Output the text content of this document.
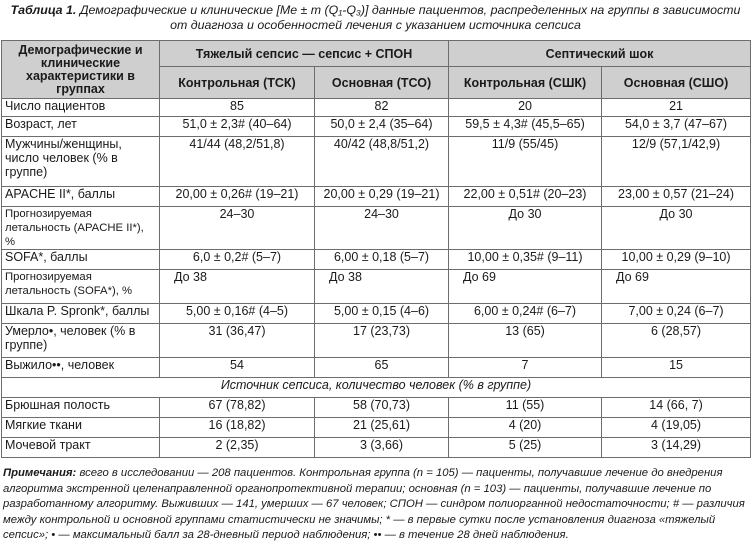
Таблица 1. Демографические и клинические [Me ± m (Q₁-Q₃)] данные пациентов, распределенных на группы в зависимости от диагноза и особенностей лечения с указанием источника сепсиса
Демографические и клинические характеристики в группах	Тяжелый сепсис — сепсис + СПОН		Септический шок	
	Контрольная (ТСК)	Основная (ТСО)	Контрольная (СШК)	Основная (СШО)
Число пациентов	85	82	20	21
Возраст, лет	51,0 ± 2,3# (40–64)	50,0 ± 2,4 (35–64)	59,5 ± 4,3# (45,5–65)	54,0 ± 3,7 (47–67)
Мужчины/женщины, число человек (% в группе)	41/44 (48,2/51,8)	40/42 (48,8/51,2)	11/9 (55/45)	12/9 (57,1/42,9)
APACHE II*, баллы	20,00 ± 0,26# (19–21)	20,00 ± 0,29 (19–21)	22,00 ± 0,51# (20–23)	23,00 ± 0,57 (21–24)
Прогнозируемая летальность (APACHE II*), %	24–30	24–30	До 30	До 30
SOFA*, баллы	6,0 ± 0,2# (5–7)	6,00 ± 0,18 (5–7)	10,00 ± 0,35# (9–11)	10,00 ± 0,29 (9–10)
Прогнозируемая летальность (SOFA*), %	До 38	До 38	До 69	До 69
Шкала P. Spronk*, баллы	5,00 ± 0,16# (4–5)	5,00 ± 0,15 (4–6)	6,00 ± 0,24# (6–7)	7,00 ± 0,24 (6–7)
Умерло•, человек (% в группе)	31 (36,47)	17 (23,73)	13 (65)	6 (28,57)
Выжило••, человек	54	65	7	15
Источник сепсиса, количество человек (% в группе)				
Брюшная полость	67 (78,82)	58 (70,73)	11 (55)	14 (66, 7)
Мягкие ткани	16 (18,82)	21 (25,61)	4 (20)	4 (19,05)
Мочевой тракт	2 (2,35)	3 (3,66)	5 (25)	3 (14,29)
Примечания: всего в исследовании — 208 пациентов. Контрольная группа (n = 105) — пациенты, получавшие лечение до внедрения алгоритма экстренной целенаправленной органопротективной терапии; основная (n = 103) — пациенты, получавшие лечение по разработанному алгоритму. Выживших — 141, умерших — 67 человек; СПОН — синдром полиорганной недостаточности; # — различия между контрольной и основной группами статистически не значимы; * — в первые сутки после установления диагноза «тяжелый сепсис»; • — максимальный балл за 28-дневный период наблюдения; •• — в течение 28 дней наблюдения.
